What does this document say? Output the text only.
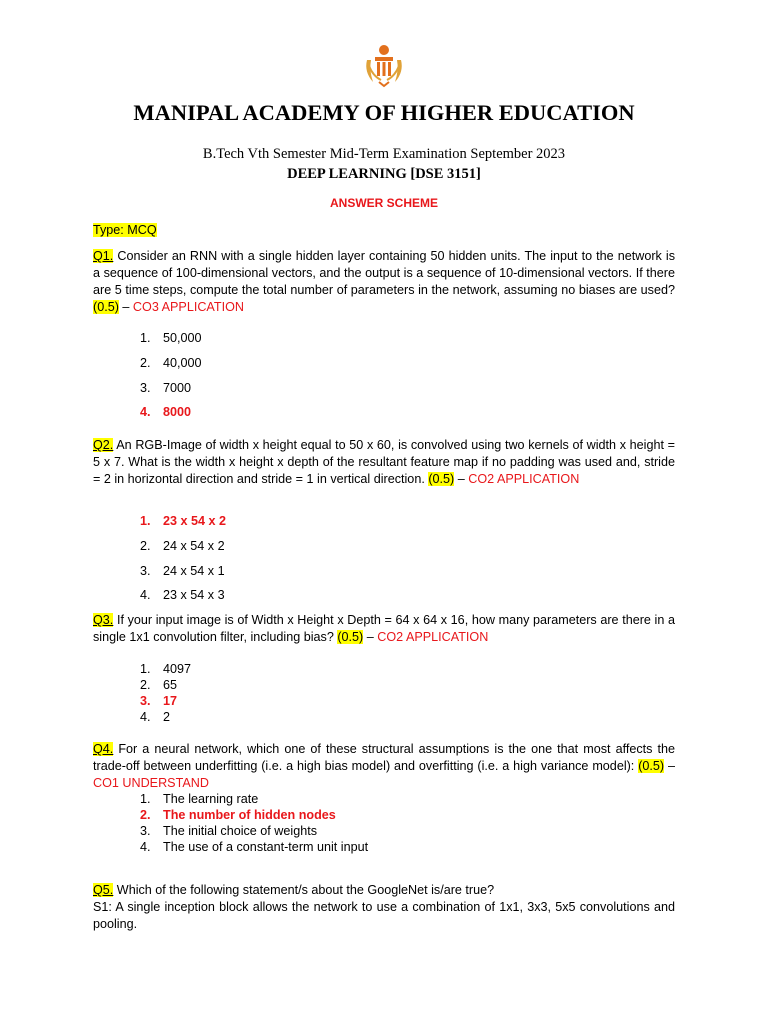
MANIPAL ACADEMY OF HIGHER EDUCATION
B.Tech Vth Semester Mid-Term Examination September 2023
DEEP LEARNING [DSE 3151]
ANSWER SCHEME
Type: MCQ
Q1. Consider an RNN with a single hidden layer containing 50 hidden units. The input to the network is a sequence of 100-dimensional vectors, and the output is a sequence of 10-dimensional vectors. If there are 5 time steps, compute the total number of parameters in the network, assuming no biases are used? (0.5) – CO3 APPLICATION
1. 50,000
2. 40,000
3. 7000
4. 8000
Q2. An RGB-Image of width x height equal to 50 x 60, is convolved using two kernels of width x height = 5 x 7. What is the width x height x depth of the resultant feature map if no padding was used and, stride = 2 in horizontal direction and stride = 1 in vertical direction. (0.5) – CO2 APPLICATION
1. 23 x 54 x 2
2. 24 x 54 x 2
3. 24 x 54 x 1
4. 23 x 54 x 3
Q3. If your input image is of Width x Height x Depth = 64 x 64 x 16, how many parameters are there in a single 1x1 convolution filter, including bias? (0.5) – CO2 APPLICATION
1. 4097
2. 65
3. 17
4. 2
Q4. For a neural network, which one of these structural assumptions is the one that most affects the trade-off between underfitting (i.e. a high bias model) and overfitting (i.e. a high variance model): (0.5) – CO1 UNDERSTAND
1. The learning rate
2. The number of hidden nodes
3. The initial choice of weights
4. The use of a constant-term unit input
Q5. Which of the following statement/s about the GoogleNet is/are true?
S1: A single inception block allows the network to use a combination of 1x1, 3x3, 5x5 convolutions and pooling.
